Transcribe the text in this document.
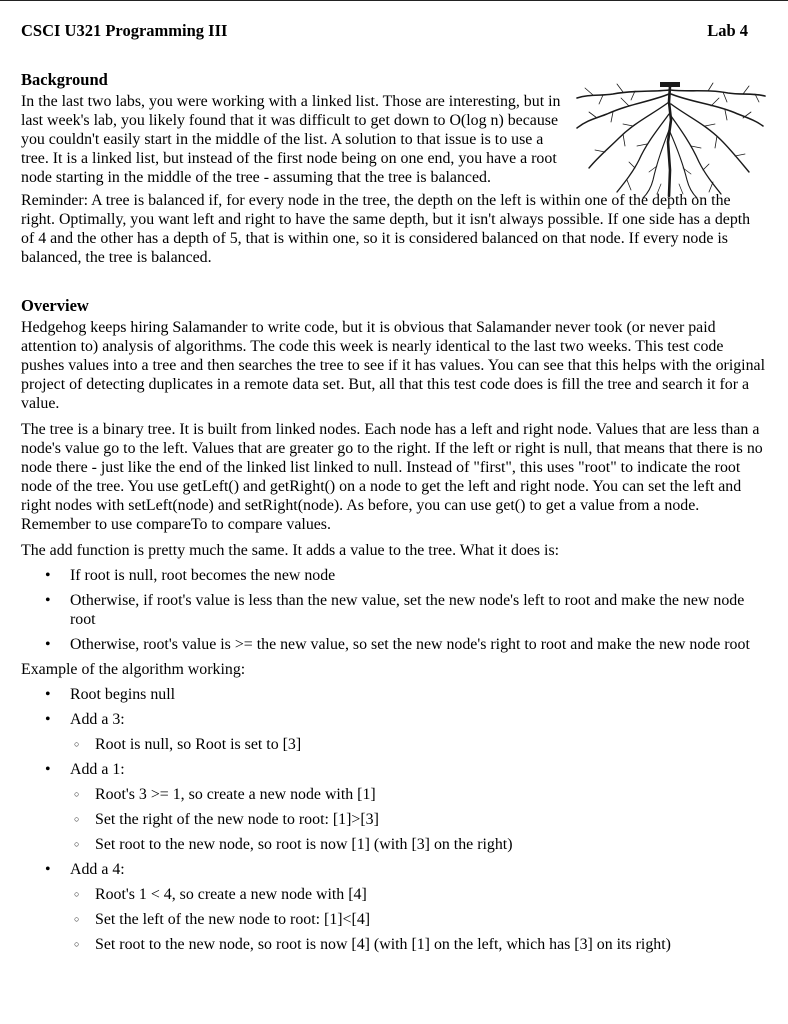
CSCI U321 Programming III	Lab 4
Background

In the last two labs, you were working with a linked list. Those are interesting, but in last week's lab, you likely found that it was difficult to get down to O(log n) because you couldn't easily start in the middle of the list. A solution to that issue is to use a tree. It is a linked list, but instead of the first node being on one end, you have a root node starting in the middle of the tree - assuming that the tree is balanced.

Reminder: A tree is balanced if, for every node in the tree, the depth on the left is within one of the depth on the right. Optimally, you want left and right to have the same depth, but it isn't always possible. If one side has a depth of 4 and the other has a depth of 5, that is within one, so it is considered balanced on that node. If every node is balanced, the tree is balanced.

Overview

Hedgehog keeps hiring Salamander to write code, but it is obvious that Salamander never took (or never paid attention to) analysis of algorithms. The code this week is nearly identical to the last two weeks. This test code pushes values into a tree and then searches the tree to see if it has values. You can see that this helps with the original project of detecting duplicates in a remote data set. But, all that this test code does is fill the tree and search it for a value.

The tree is a binary tree. It is built from linked nodes. Each node has a left and right node. Values that are less than a node's value go to the left. Values that are greater go to the right. If the left or right is null, that means that there is no node there - just like the end of the linked list linked to null. Instead of "first", this uses "root" to indicate the root node of the tree. You use getLeft() and getRight() on a node to get the left and right node. You can set the left and right nodes with setLeft(node) and setRight(node). As before, you can use get() to get a value from a node. Remember to use compareTo to compare values.

The add function is pretty much the same. It adds a value to the tree. What it does is:

• If root is null, root becomes the new node
• Otherwise, if root's value is less than the new value, set the new node's left to root and make the new node root
• Otherwise, root's value is >= the new value, so set the new node's right to root and make the new node root

Example of the algorithm working:

• Root begins null
• Add a 3:
○ Root is null, so Root is set to [3]
• Add a 1:
○ Root's 3 >= 1, so create a new node with [1]
○ Set the right of the new node to root: [1]>[3]
○ Set root to the new node, so root is now [1] (with [3] on the right)
• Add a 4:
○ Root's 1 < 4, so create a new node with [4]
○ Set the left of the new node to root: [1]<[4]
○ Set root to the new node, so root is now [4] (with [1] on the left, which has [3] on its right)
